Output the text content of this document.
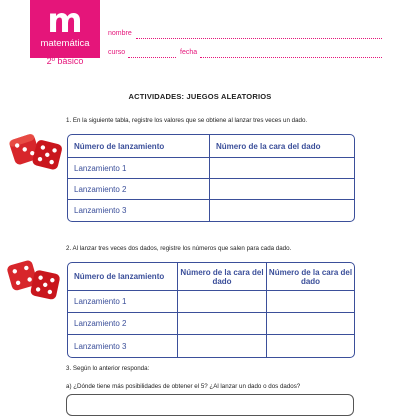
m
matemática
2º básico
nombre
curso	fecha
ACTIVIDADES: JUEGOS ALEATORIOS
1. En la siguiente tabla, registre los valores que se obtiene al lanzar tres veces un dado.
Número de lanzamiento	Número de la cara del dado
Lanzamiento 1	
Lanzamiento 2	
Lanzamiento 3	
2. Al lanzar tres veces dos dados, registre los números que salen para cada dado.
Número de lanzamiento	Número de la cara del dado	Número de la cara del dado
Lanzamiento 1		
Lanzamiento 2		
Lanzamiento 3		
3. Según lo anterior responda:
a) ¿Dónde tiene más posibilidades de obtener el 5? ¿Al lanzar un dado o dos dados?
